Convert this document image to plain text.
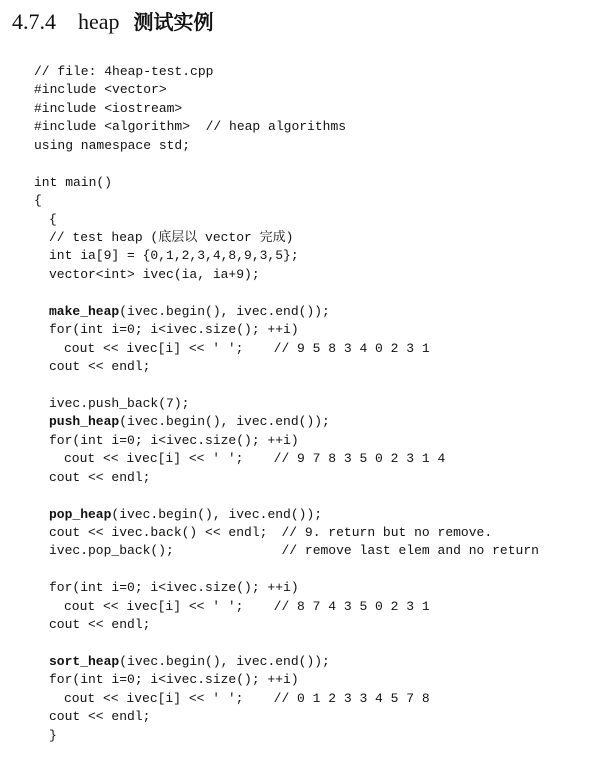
4.7.4 heap 测试实例
// file: 4heap-test.cpp
#include <vector>
#include <iostream>
#include <algorithm>  // heap algorithms
using namespace std;
int main()
{
{
// test heap (底层以 vector 完成)
int ia[9] = {0,1,2,3,4,8,9,3,5};
vector<int> ivec(ia, ia+9);
make_heap(ivec.begin(), ivec.end());
for(int i=0; i<ivec.size(); ++i)
cout << ivec[i] << ' '; // 9 5 8 3 4 0 2 3 1
cout << endl;
ivec.push_back(7);
push_heap(ivec.begin(), ivec.end());
for(int i=0; i<ivec.size(); ++i)
cout << ivec[i] << ' '; // 9 7 8 3 5 0 2 3 1 4
cout << endl;
pop_heap(ivec.begin(), ivec.end());
cout << ivec.back() << endl; // 9. return but no remove.
ivec.pop_back();	// remove last elem and no return
for(int i=0; i<ivec.size(); ++i)
cout << ivec[i] << ' '; // 8 7 4 3 5 0 2 3 1
cout << endl;
sort_heap(ivec.begin(), ivec.end());
for(int i=0; i<ivec.size(); ++i)
cout << ivec[i] << ' '; // 0 1 2 3 3 4 5 7 8
cout << endl;
}
